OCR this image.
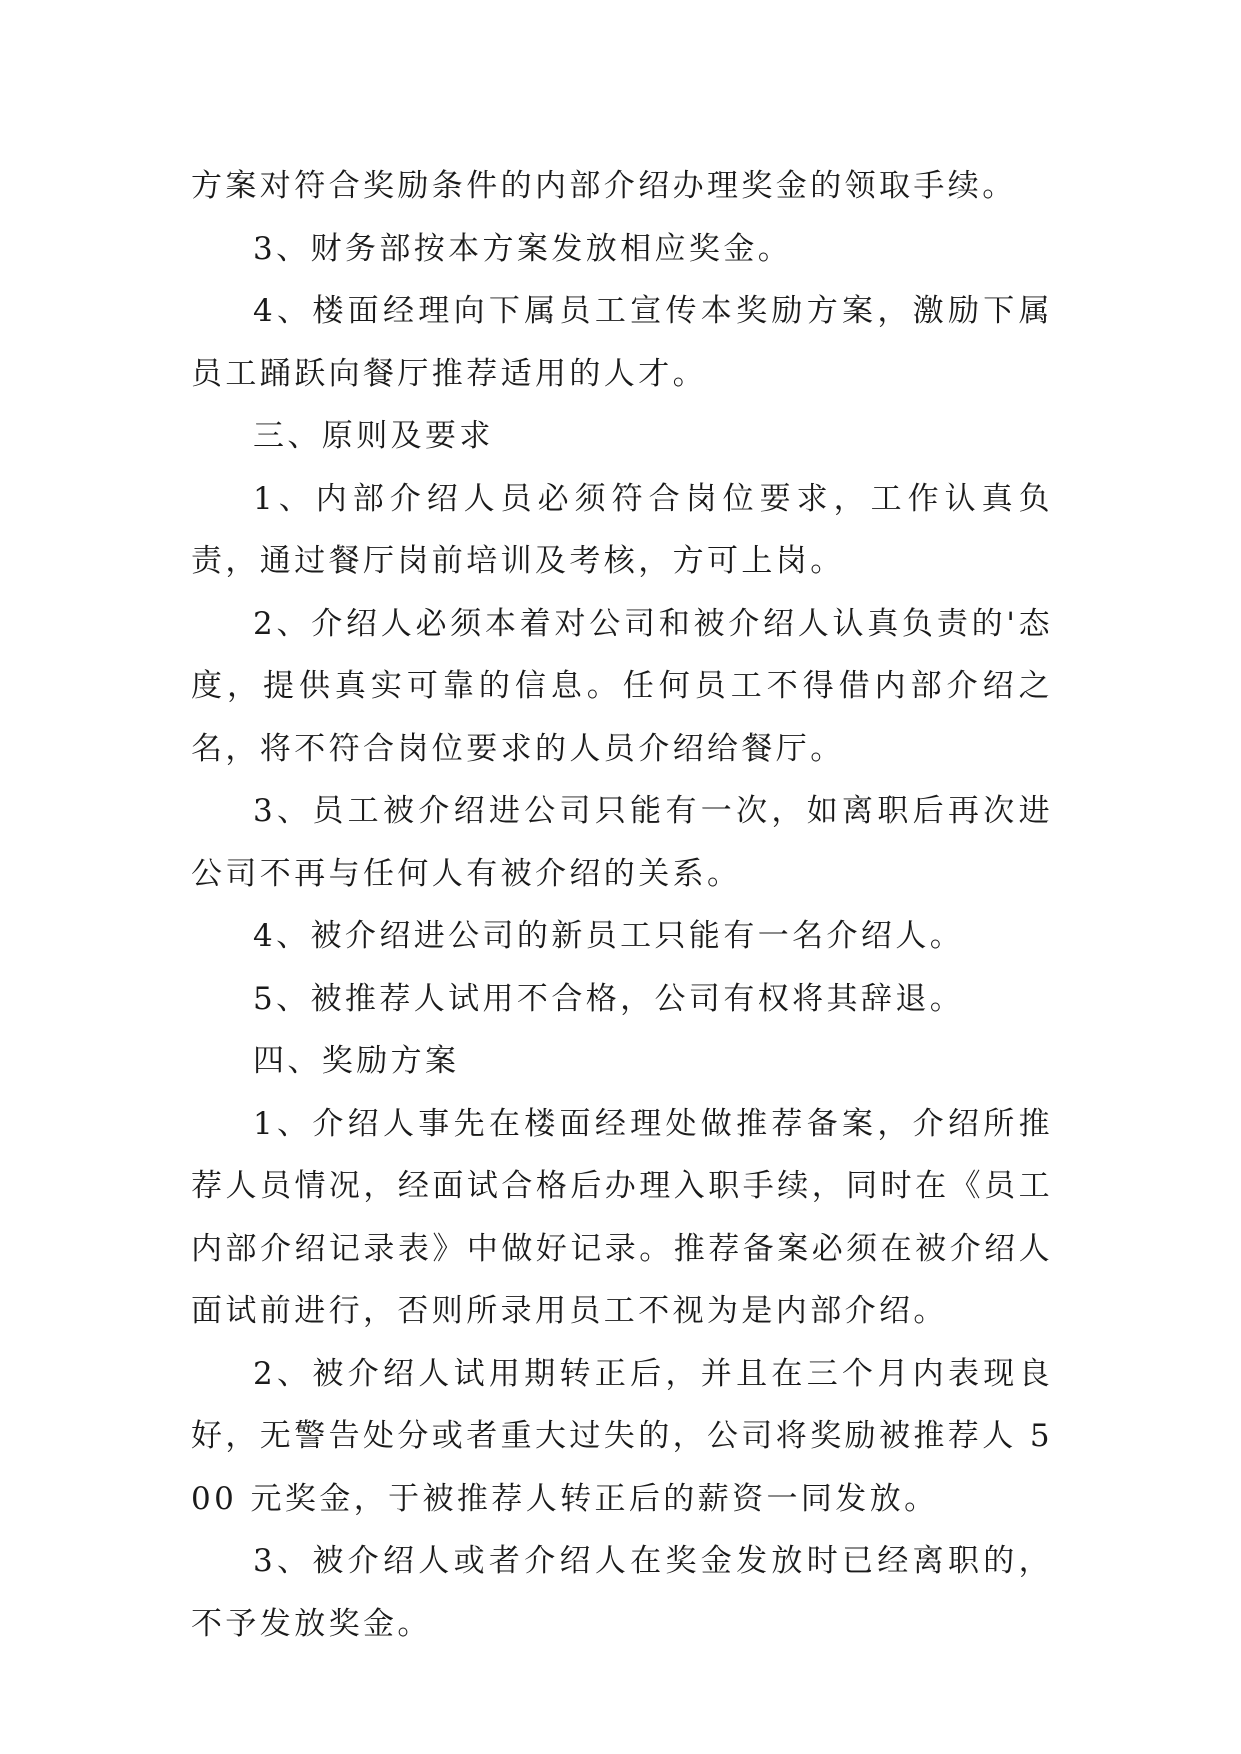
方案对符合奖励条件的内部介绍办理奖金的领取手续。

3、财务部按本方案发放相应奖金。

4、楼面经理向下属员工宣传本奖励方案，激励下属员工踊跃向餐厅推荐适用的人才。

三、原则及要求

1、内部介绍人员必须符合岗位要求，工作认真负责，通过餐厅岗前培训及考核，方可上岗。

2、介绍人必须本着对公司和被介绍人认真负责的'态度，提供真实可靠的信息。任何员工不得借内部介绍之名，将不符合岗位要求的人员介绍给餐厅。

3、员工被介绍进公司只能有一次，如离职后再次进公司不再与任何人有被介绍的关系。

4、被介绍进公司的新员工只能有一名介绍人。

5、被推荐人试用不合格，公司有权将其辞退。

四、奖励方案

1、介绍人事先在楼面经理处做推荐备案，介绍所推荐人员情况，经面试合格后办理入职手续，同时在《员工内部介绍记录表》中做好记录。推荐备案必须在被介绍人面试前进行，否则所录用员工不视为是内部介绍。

2、被介绍人试用期转正后，并且在三个月内表现良好，无警告处分或者重大过失的，公司将奖励被推荐人 500 元奖金，于被推荐人转正后的薪资一同发放。

3、被介绍人或者介绍人在奖金发放时已经离职的，不予发放奖金。
